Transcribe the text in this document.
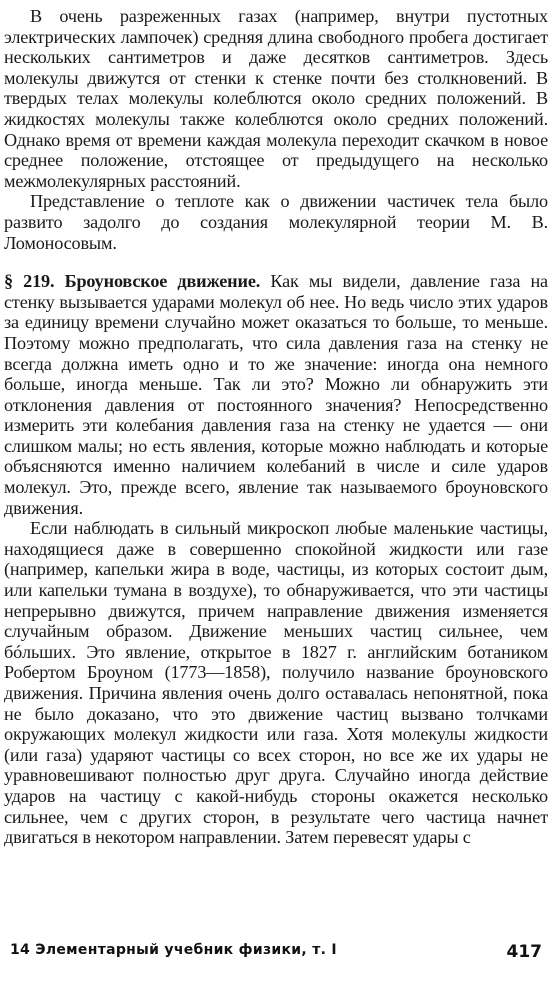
В очень разреженных газах (например, внутри пустотных электрических лампочек) средняя длина свободного пробега достигает нескольких сантиметров и даже десятков сантиметров. Здесь молекулы движутся от стенки к стенке почти без столкновений. В твердых телах молекулы колеблются около средних положений. В жидкостях молекулы также колеблются около средних положений. Однако время от времени каждая молекула переходит скачком в новое среднее положение, отстоящее от предыдущего на несколько межмолекулярных расстояний.

Представление о теплоте как о движении частичек тела было развито задолго до создания молекулярной теории М. В. Ломоносовым.

§ 219. Броуновское движение. Как мы видели, давление газа на стенку вызывается ударами молекул об нее. Но ведь число этих ударов за единицу времени случайно может оказаться то больше, то меньше. Поэтому можно предполагать, что сила давления газа на стенку не всегда должна иметь одно и то же значение: иногда она немного больше, иногда меньше. Так ли это? Можно ли обнаружить эти отклонения давления от постоянного значения? Непосредственно измерить эти колебания давления газа на стенку не удается — они слишком малы; но есть явления, которые можно наблюдать и которые объясняются именно наличием колебаний в числе и силе ударов молекул. Это, прежде всего, явление так называемого броуновского движения.

Если наблюдать в сильный микроскоп любые маленькие частицы, находящиеся даже в совершенно спокойной жидкости или газе (например, капельки жира в воде, частицы, из которых состоит дым, или капельки тумана в воздухе), то обнаруживается, что эти частицы непрерывно движутся, причем направление движения изменяется случайным образом. Движение меньших частиц сильнее, чем бóльших. Это явление, открытое в 1827 г. английским ботаником Робертом Броуном (1773—1858), получило название броуновского движения. Причина явления очень долго оставалась непонятной, пока не было доказано, что это движение частиц вызвано толчками окружающих молекул жидкости или газа. Хотя молекулы жидкости (или газа) ударяют частицы со всех сторон, но все же их удары не уравновешивают полностью друг друга. Случайно иногда действие ударов на частицу с какой-нибудь стороны окажется несколько сильнее, чем с других сторон, в результате чего частица начнет двигаться в некотором направлении. Затем перевесят удары с

14 Элементарный учебник физики, т. I	417
